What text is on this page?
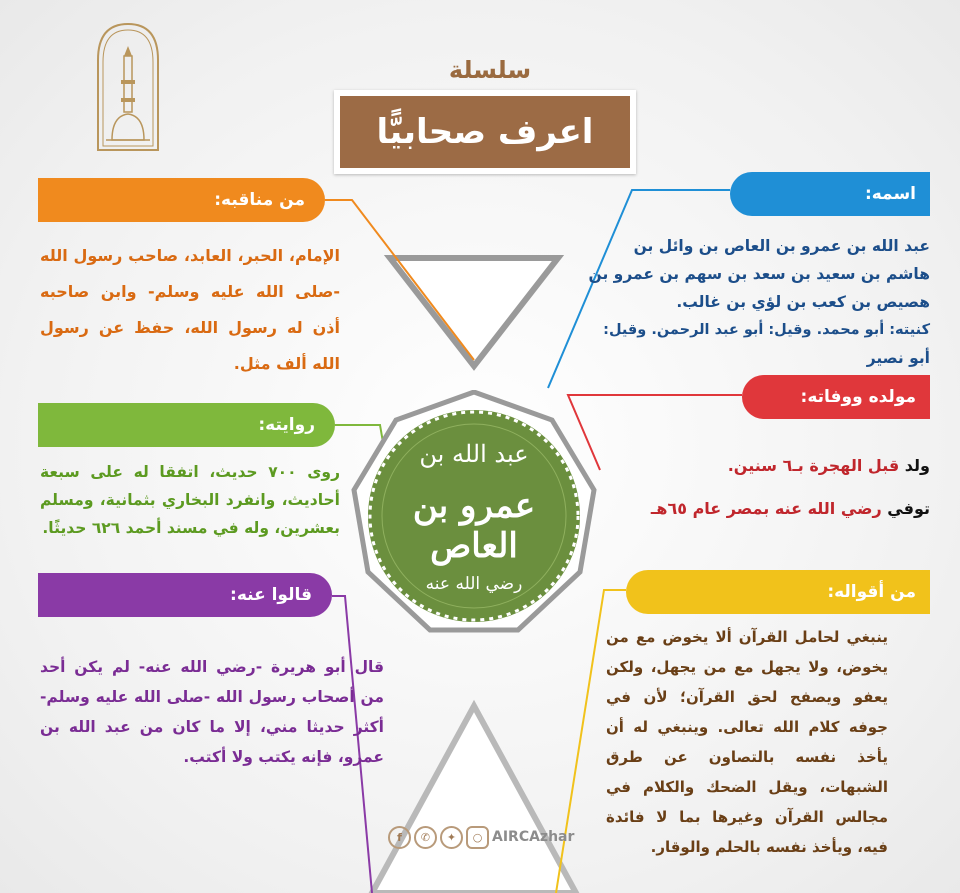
سلسلة
اعرف صحابيًّا
عبد الله بن
عمرو بن العاص
رضي الله عنه
اسمه:
عبد الله بن عمرو بن العاص بن وائل بن
هاشم بن سعيد بن سعد بن سهم بن عمرو بن
هصيص بن كعب بن لؤي بن غالب.
كنيته: أبو محمد. وقيل: أبو عبد الرحمن. وقيل:
أبو نصير
مولده ووفاته:
ولد قبل الهجرة بـ٦ سنين.
توفي رضي الله عنه بمصر عام ٦٥هـ
من أقواله:
ينبغي لحامل القرآن ألا يخوض مع من يخوض، ولا يجهل مع من يجهل، ولكن يعفو ويصفح لحق القرآن؛ لأن في جوفه كلام الله تعالى. وينبغي له أن يأخذ نفسه بالتصاون عن طرق الشبهات، ويقل الضحك والكلام في مجالس القرآن وغيرها بما لا فائدة فيه، ويأخذ نفسه بالحلم والوقار.
من مناقبه:
الإمام، الحبر، العابد، صاحب رسول الله -صلى الله عليه وسلم- وابن صاحبه أذن له رسول الله، حفظ عن رسول الله ألف مثل.
روايته:
روى ٧٠٠ حديث، اتفقا له على سبعة أحاديث، وانفرد البخاري بثمانية، ومسلم بعشرين، وله في مسند أحمد ٦٢٦ حديثًا.
قالوا عنه:
قال أبو هريرة -رضي الله عنه- لم يكن أحد من أصحاب رسول الله -صلى الله عليه وسلم- أكثر حديثا مني، إلا ما كان من عبد الله بن عمرو، فإنه يكتب ولا أكتب.
f	✆	✦	○ AIRCAzhar
